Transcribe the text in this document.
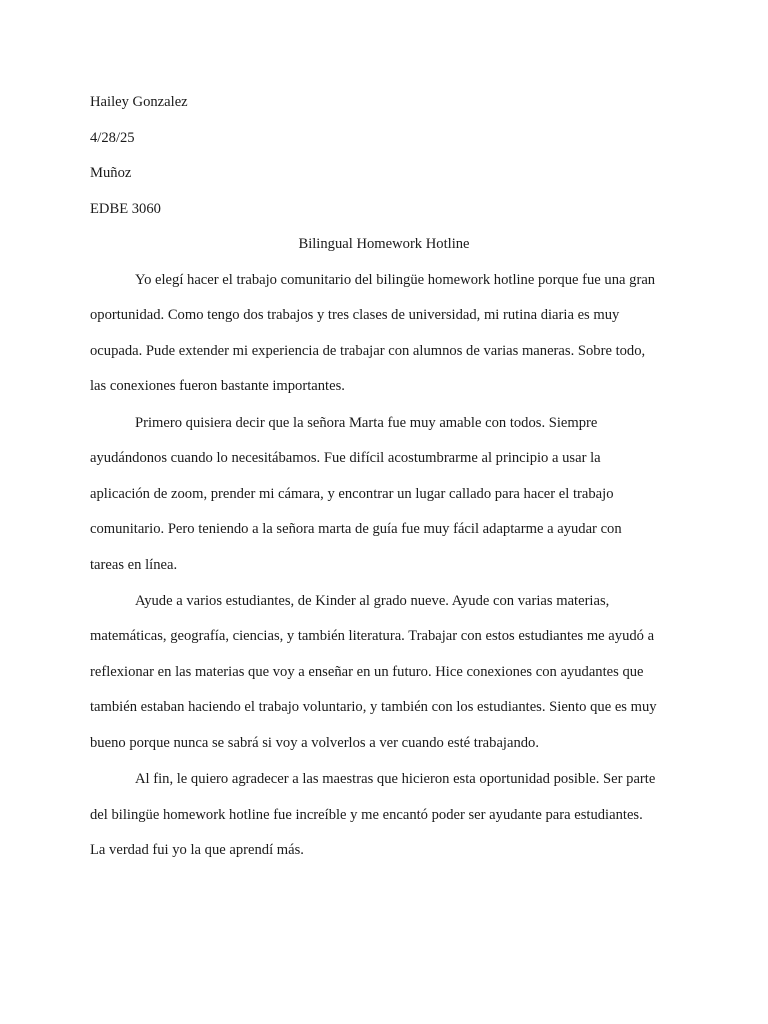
Hailey Gonzalez
4/28/25
Muñoz
EDBE 3060
Bilingual Homework Hotline
Yo elegí hacer el trabajo comunitario del bilingüe homework hotline porque fue una gran
oportunidad. Como tengo dos trabajos y tres clases de universidad, mi rutina diaria es muy
ocupada. Pude extender mi experiencia de trabajar con alumnos de varias maneras. Sobre todo,
las conexiones fueron bastante importantes.
Primero quisiera decir que la señora Marta fue muy amable con todos. Siempre
ayudándonos cuando lo necesitábamos. Fue difícil acostumbrarme al principio a usar la
aplicación de zoom, prender mi cámara, y encontrar un lugar callado para hacer el trabajo
comunitario. Pero teniendo a la señora marta de guía fue muy fácil adaptarme a ayudar con
tareas en línea.
Ayude a varios estudiantes, de Kinder al grado nueve. Ayude con varias materias,
matemáticas, geografía, ciencias, y también literatura. Trabajar con estos estudiantes me ayudó a
reflexionar en las materias que voy a enseñar en un futuro. Hice conexiones con ayudantes que
también estaban haciendo el trabajo voluntario, y también con los estudiantes. Siento que es muy
bueno porque nunca se sabrá si voy a volverlos a ver cuando esté trabajando.
Al fin, le quiero agradecer a las maestras que hicieron esta oportunidad posible. Ser parte
del bilingüe homework hotline fue increíble y me encantó poder ser ayudante para estudiantes.
La verdad fui yo la que aprendí más.
